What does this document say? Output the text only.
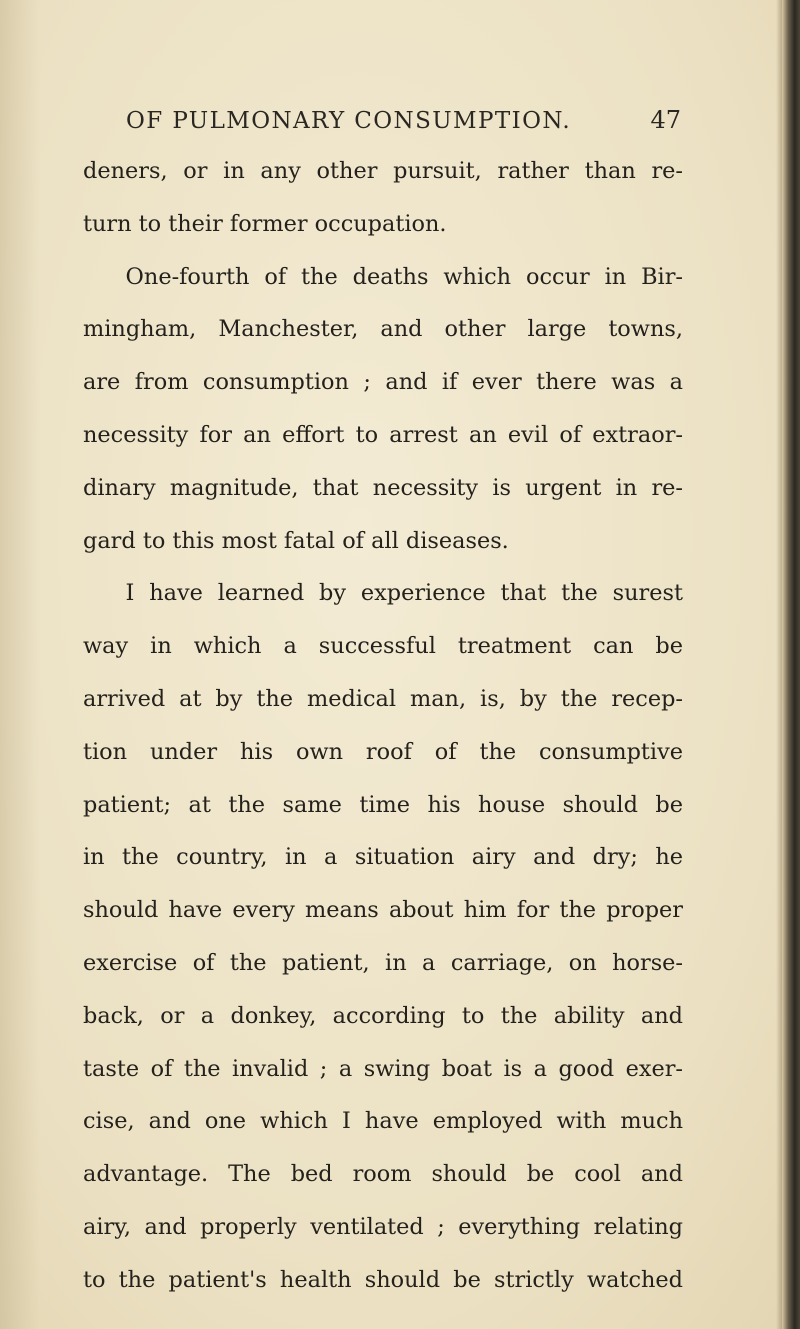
OF PULMONARY CONSUMPTION.	47
deners, or in any other pursuit, rather than re-
turn to their former occupation.
One-fourth of the deaths which occur in Bir-
mingham, Manchester, and other large towns,
are from consumption ; and if ever there was a
necessity for an effort to arrest an evil of extraor-
dinary magnitude, that necessity is urgent in re-
gard to this most fatal of all diseases.
I have learned by experience that the surest
way in which a successful treatment can be
arrived at by the medical man, is, by the recep-
tion under his own roof of the consumptive
patient; at the same time his house should be
in the country, in a situation airy and dry; he
should have every means about him for the proper
exercise of the patient, in a carriage, on horse-
back, or a donkey, according to the ability and
taste of the invalid ; a swing boat is a good exer-
cise, and one which I have employed with much
advantage. The bed room should be cool and
airy, and properly ventilated ; everything relating
to the patient's health should be strictly watched
